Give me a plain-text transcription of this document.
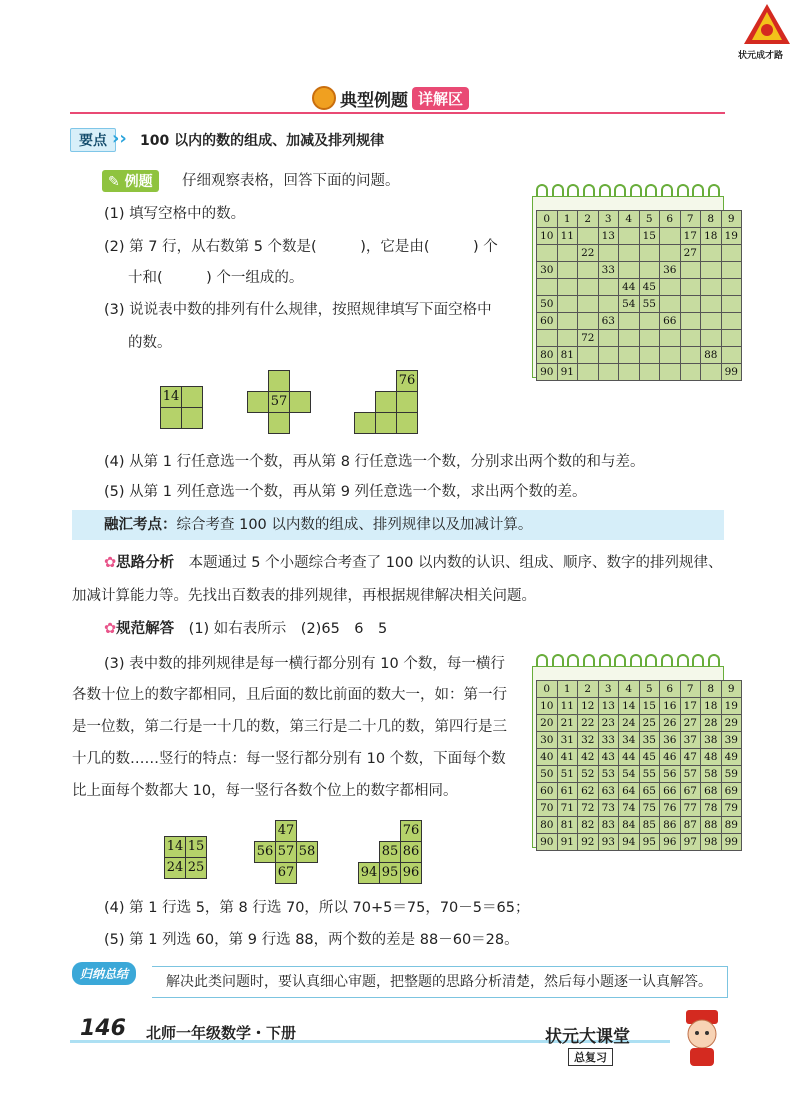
状元成才路
典型例题 详解区
要点 ›› 100 以内的数的组成、加减及排列规律
✎ 例题	仔细观察表格，回答下面的问题。
(1) 填写空格中的数。
(2) 第 7 行，从右数第 5 个数是(　　　)，它是由(　　　) 个
十和(　　　) 个一组成的。
(3) 说说表中数的排列有什么规律，按照规律填写下面空格中
的数。
0	1	2	3	4	5	6	7	8	9
10	11		13		15		17	18	19
		22					27		
30			33			36			
				44	45				
50				54	55				
60			63			66			
		72							
80	81							88	
90	91								99
14	57
76
(4) 从第 1 行任意选一个数，再从第 8 行任意选一个数，分别求出两个数的和与差。
(5) 从第 1 列任意选一个数，再从第 9 列任意选一个数，求出两个数的差。
融汇考点：综合考查 100 以内数的组成、排列规律以及加减计算。
✿思路分析　 本题通过 5 个小题综合考查了 100 以内数的认识、组成、顺序、数字的排列规律、
加减计算能力等。先找出百数表的排列规律，再根据规律解决相关问题。
✿规范解答　 (1) 如右表所示　(2)65　6　5
(3) 表中数的排列规律是每一横行都分别有 10 个数，每一横行
各数十位上的数字都相同，且后面的数比前面的数大一，如：第一行
是一位数，第二行是一十几的数，第三行是二十几的数，第四行是三
十几的数……竖行的特点：每一竖行都分别有 10 个数，下面每个数
比上面每个数都大 10，每一竖行各数个位上的数字都相同。
0	1	2	3	4	5	6	7	8	9
10	11	12	13	14	15	16	17	18	19
20	21	22	23	24	25	26	27	28	29
30	31	32	33	34	35	36	37	38	39
40	41	42	43	44	45	46	47	48	49
50	51	52	53	54	55	56	57	58	59
60	61	62	63	64	65	66	67	68	69
70	71	72	73	74	75	76	77	78	79
80	81	82	83	84	85	86	87	88	89
90	91	92	93	94	95	96	97	98	99
14 15
24 25
47
56 57 58
67
76
85 86
94 95 96
(4) 第 1 行选 5，第 8 行选 70，所以 70+5＝75，70－5＝65；
(5) 第 1 列选 60，第 9 行选 88，两个数的差是 88－60＝28。
归纳总结	解决此类问题时，要认真细心审题，把整题的思路分析清楚，然后每小题逐一认真解答。
146 北师一年级数学・下册	状元大课堂
总复习
